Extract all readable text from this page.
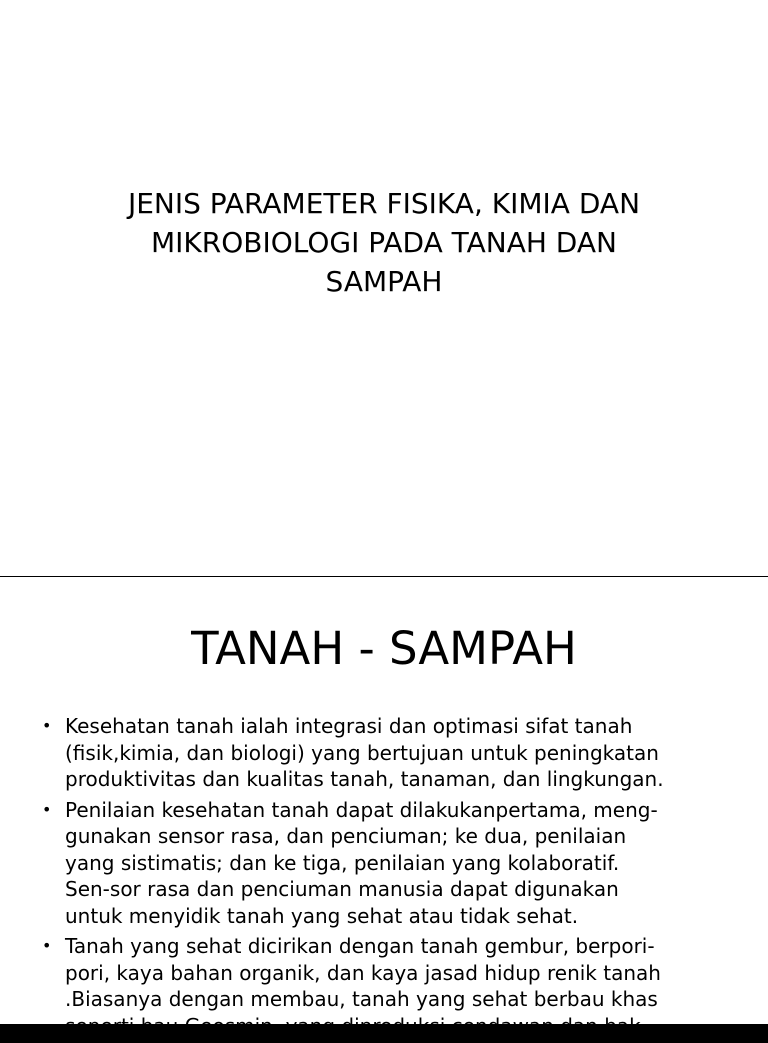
JENIS PARAMETER FISIKA, KIMIA DAN
MIKROBIOLOGI PADA TANAH DAN
SAMPAH
TANAH - SAMPAH
• Kesehatan tanah ialah integrasi dan optimasi sifat tanah
(fisik,kimia, dan biologi) yang bertujuan untuk peningkatan
produktivitas dan kualitas tanah, tanaman, dan lingkungan.
• Penilaian kesehatan tanah dapat dilakukanpertama, meng-
gunakan sensor rasa, dan penciuman; ke dua, penilaian
yang sistimatis; dan ke tiga, penilaian yang kolaboratif.
Sen-sor rasa dan penciuman manusia dapat digunakan
untuk menyidik tanah yang sehat atau tidak sehat.
• Tanah yang sehat dicirikan dengan tanah gembur, berpori-
pori, kaya bahan organik, dan kaya jasad hidup renik tanah
.Biasanya dengan membau, tanah yang sehat berbau khas
seperti bau Geosmin, yang diproduksi cendawan dan bak-
